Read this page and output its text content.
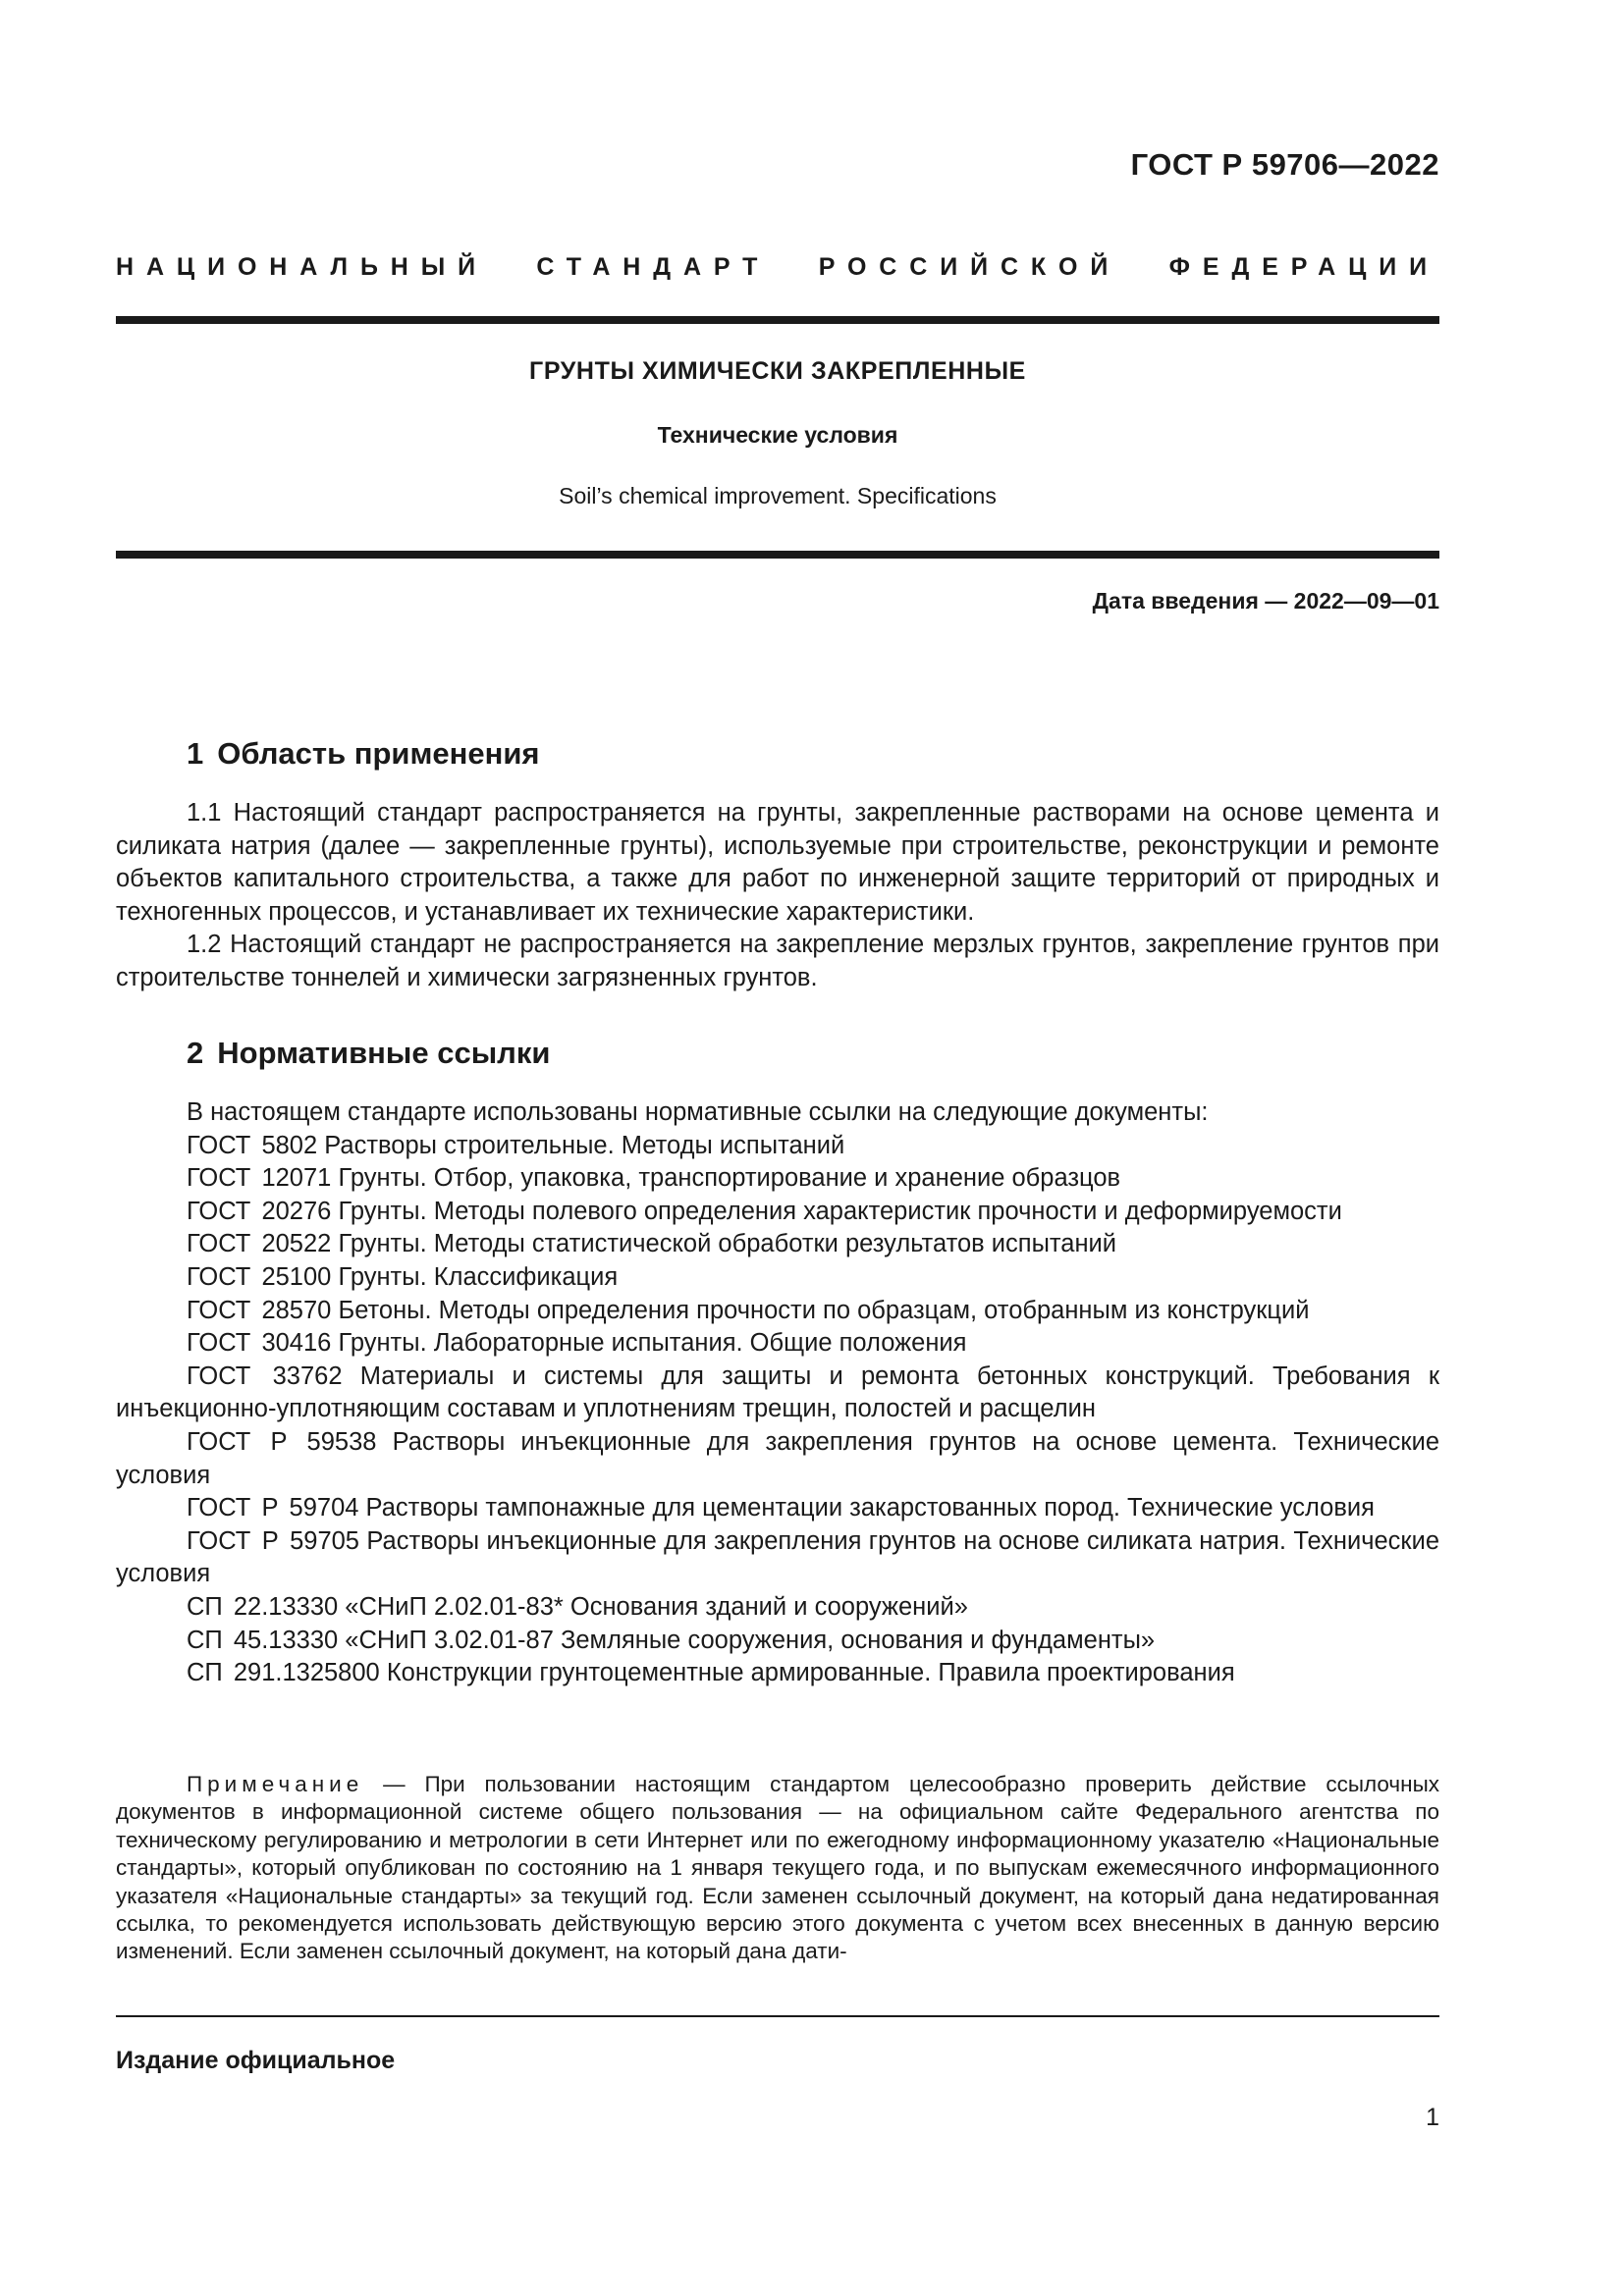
ГОСТ Р 59706—2022
НАЦИОНАЛЬНЫЙ СТАНДАРТ РОССИЙСКОЙ ФЕДЕРАЦИИ
ГРУНТЫ ХИМИЧЕСКИ ЗАКРЕПЛЕННЫЕ
Технические условия
Soil’s chemical improvement. Specifications
Дата введения — 2022—09—01
1 Область применения

1.1 Настоящий стандарт распространяется на грунты, закрепленные растворами на основе цемента и силиката натрия (далее — закрепленные грунты), используемые при строительстве, реконструкции и ремонте объектов капитального строительства, а также для работ по инженерной защите территорий от природных и техногенных процессов, и устанавливает их технические характеристики.

1.2 Настоящий стандарт не распространяется на закрепление мерзлых грунтов, закрепление грунтов при строительстве тоннелей и химически загрязненных грунтов.

2 Нормативные ссылки

В настоящем стандарте использованы нормативные ссылки на следующие документы:

ГОСТ 5802 Растворы строительные. Методы испытаний

ГОСТ 12071 Грунты. Отбор, упаковка, транспортирование и хранение образцов

ГОСТ 20276 Грунты. Методы полевого определения характеристик прочности и деформируемости

ГОСТ 20522 Грунты. Методы статистической обработки результатов испытаний

ГОСТ 25100 Грунты. Классификация

ГОСТ 28570 Бетоны. Методы определения прочности по образцам, отобранным из конструкций

ГОСТ 30416 Грунты. Лабораторные испытания. Общие положения

ГОСТ 33762 Материалы и системы для защиты и ремонта бетонных конструкций. Требования к инъекционно-уплотняющим составам и уплотнениям трещин, полостей и расщелин

ГОСТ Р 59538 Растворы инъекционные для закрепления грунтов на основе цемента. Технические условия

ГОСТ Р 59704 Растворы тампонажные для цементации закарстованных пород. Технические условия

ГОСТ Р 59705 Растворы инъекционные для закрепления грунтов на основе силиката натрия. Технические условия

СП 22.13330 «СНиП 2.02.01-83* Основания зданий и сооружений»

СП 45.13330 «СНиП 3.02.01-87 Земляные сооружения, основания и фундаменты»

СП 291.1325800 Конструкции грунтоцементные армированные. Правила проектирования

Примечание — При пользовании настоящим стандартом целесообразно проверить действие ссылочных документов в информационной системе общего пользования — на официальном сайте Федерального агентства по техническому регулированию и метрологии в сети Интернет или по ежегодному информационному указателю «Национальные стандарты», который опубликован по состоянию на 1 января текущего года, и по выпускам ежемесячного информационного указателя «Национальные стандарты» за текущий год. Если заменен ссылочный документ, на который дана недатированная ссылка, то рекомендуется использовать действующую версию этого документа с учетом всех внесенных в данную версию изменений. Если заменен ссылочный документ, на который дана дати-

Издание официальное
1
